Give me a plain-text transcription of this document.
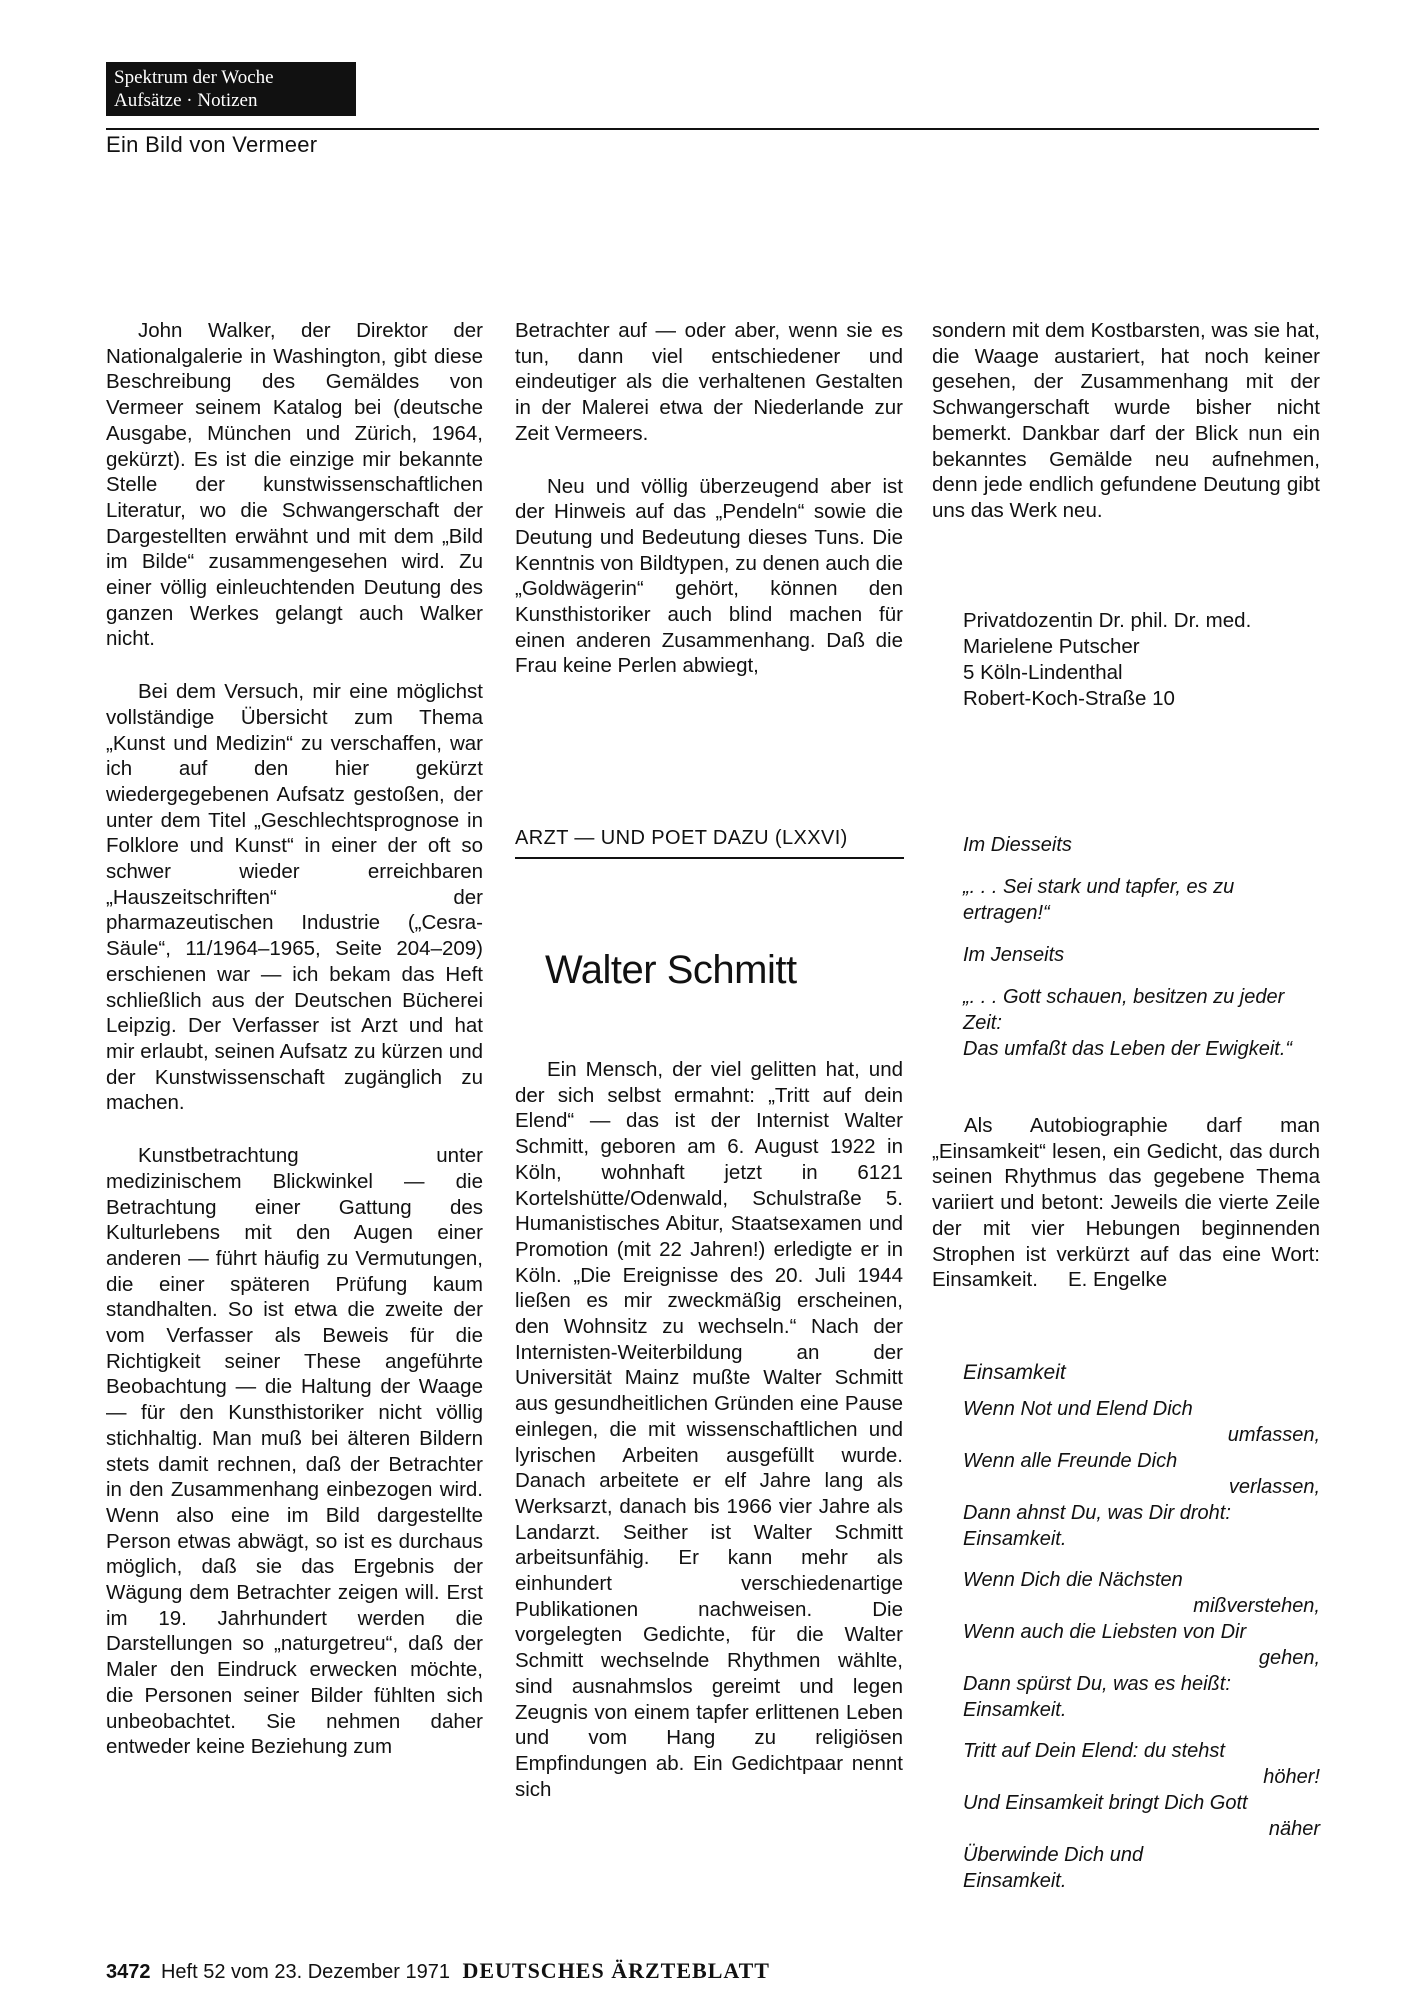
Spektrum der Woche
Aufsätze · Notizen
Ein Bild von Vermeer

John Walker, der Direktor der Nationalgalerie in Washington, gibt diese Beschreibung des Gemäldes von Vermeer seinem Katalog bei (deutsche Ausgabe, München und Zürich, 1964, gekürzt). Es ist die einzige mir bekannte Stelle der kunstwissenschaftlichen Literatur, wo die Schwangerschaft der Dargestellten erwähnt und mit dem „Bild im Bilde“ zusammengesehen wird. Zu einer völlig einleuchtenden Deutung des ganzen Werkes gelangt auch Walker nicht.

Bei dem Versuch, mir eine möglichst vollständige Übersicht zum Thema „Kunst und Medizin“ zu verschaffen, war ich auf den hier gekürzt wiedergegebenen Aufsatz gestoßen, der unter dem Titel „Geschlechtsprognose in Folklore und Kunst“ in einer der oft so schwer wieder erreichbaren „Hauszeitschriften“ der pharmazeutischen Industrie („Cesra-Säule“, 11/1964–1965, Seite 204–209) erschienen war — ich bekam das Heft schließlich aus der Deutschen Bücherei Leipzig. Der Verfasser ist Arzt und hat mir erlaubt, seinen Aufsatz zu kürzen und der Kunstwissenschaft zugänglich zu machen.

Kunstbetrachtung unter medizinischem Blickwinkel — die Betrachtung einer Gattung des Kulturlebens mit den Augen einer anderen — führt häufig zu Vermutungen, die einer späteren Prüfung kaum standhalten. So ist etwa die zweite der vom Verfasser als Beweis für die Richtigkeit seiner These angeführte Beobachtung — die Haltung der Waage — für den Kunsthistoriker nicht völlig stichhaltig. Man muß bei älteren Bildern stets damit rechnen, daß der Betrachter in den Zusammenhang einbezogen wird. Wenn also eine im Bild dargestellte Person etwas abwägt, so ist es durchaus möglich, daß sie das Ergebnis der Wägung dem Betrachter zeigen will. Erst im 19. Jahrhundert werden die Darstellungen so „naturgetreu“, daß der Maler den Eindruck erwecken möchte, die Personen seiner Bilder fühlten sich unbeobachtet. Sie nehmen daher entweder keine Beziehung zum

Betrachter auf — oder aber, wenn sie es tun, dann viel entschiedener und eindeutiger als die verhaltenen Gestalten in der Malerei etwa der Niederlande zur Zeit Vermeers.

Neu und völlig überzeugend aber ist der Hinweis auf das „Pendeln“ sowie die Deutung und Bedeutung dieses Tuns. Die Kenntnis von Bildtypen, zu denen auch die „Goldwägerin“ gehört, können den Kunsthistoriker auch blind machen für einen anderen Zusammenhang. Daß die Frau keine Perlen abwiegt,

sondern mit dem Kostbarsten, was sie hat, die Waage austariert, hat noch keiner gesehen, der Zusammenhang mit der Schwangerschaft wurde bisher nicht bemerkt. Dankbar darf der Blick nun ein bekanntes Gemälde neu aufnehmen, denn jede endlich gefundene Deutung gibt uns das Werk neu.

Privatdozentin Dr. phil. Dr. med.
Marielene Putscher
5 Köln-Lindenthal
Robert-Koch-Straße 10
ARZT — UND POET DAZU (LXXVI)
Walter Schmitt

Ein Mensch, der viel gelitten hat, und der sich selbst ermahnt: „Tritt auf dein Elend“ — das ist der Internist Walter Schmitt, geboren am 6. August 1922 in Köln, wohnhaft jetzt in 6121 Kortelshütte/Odenwald, Schulstraße 5. Humanistisches Abitur, Staatsexamen und Promotion (mit 22 Jahren!) erledigte er in Köln. „Die Ereignisse des 20. Juli 1944 ließen es mir zweckmäßig erscheinen, den Wohnsitz zu wechseln.“ Nach der Internisten-Weiterbildung an der Universität Mainz mußte Walter Schmitt aus gesundheitlichen Gründen eine Pause einlegen, die mit wissenschaftlichen und lyrischen Arbeiten ausgefüllt wurde. Danach arbeitete er elf Jahre lang als Werksarzt, danach bis 1966 vier Jahre als Landarzt. Seither ist Walter Schmitt arbeitsunfähig. Er kann mehr als einhundert verschiedenartige Publikationen nachweisen. Die vorgelegten Gedichte, für die Walter Schmitt wechselnde Rhythmen wählte, sind ausnahmslos gereimt und legen Zeugnis von einem tapfer erlittenen Leben und vom Hang zu religiösen Empfindungen ab. Ein Gedichtpaar nennt sich

Im Diesseits
„. . . Sei stark und tapfer, es zu ertragen!“
Im Jenseits
„. . . Gott schauen, besitzen zu jeder Zeit:
Das umfaßt das Leben der Ewigkeit.“

Als Autobiographie darf man „Einsamkeit“ lesen, ein Gedicht, das durch seinen Rhythmus das gegebene Thema variiert und betont: Jeweils die vierte Zeile der mit vier Hebungen beginnenden Strophen ist verkürzt auf das eine Wort: Einsamkeit. E. Engelke

Einsamkeit
Wenn Not und Elend Dich
umfassen,
Wenn alle Freunde Dich
verlassen,
Dann ahnst Du, was Dir droht:
Einsamkeit.
Wenn Dich die Nächsten
mißverstehen,
Wenn auch die Liebsten von Dir
gehen,
Dann spürst Du, was es heißt:
Einsamkeit.
Tritt auf Dein Elend: du stehst
höher!
Und Einsamkeit bringt Dich Gott
näher
Überwinde Dich und
Einsamkeit.
3472 Heft 52 vom 23. Dezember 1971 DEUTSCHES ÄRZTEBLATT
